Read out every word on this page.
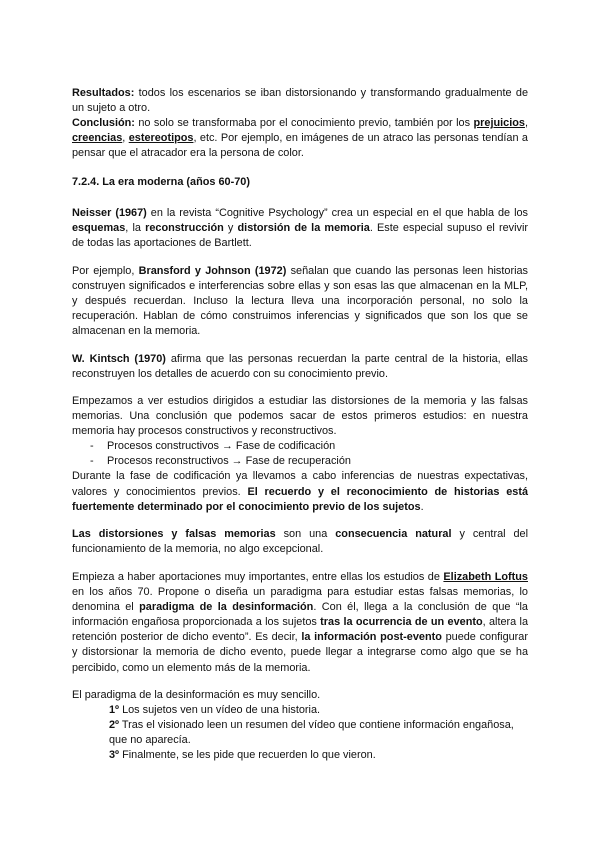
Resultados: todos los escenarios se iban distorsionando y transformando gradualmente de un sujeto a otro.

Conclusión: no solo se transformaba por el conocimiento previo, también por los prejuicios, creencias, estereotipos, etc. Por ejemplo, en imágenes de un atraco las personas tendían a pensar que el atracador era la persona de color.

7.2.4. La era moderna (años 60-70)

Neisser (1967) en la revista “Cognitive Psychology” crea un especial en el que habla de los esquemas, la reconstrucción y distorsión de la memoria. Este especial supuso el revivir de todas las aportaciones de Bartlett.

Por ejemplo, Bransford y Johnson (1972) señalan que cuando las personas leen historias construyen significados e interferencias sobre ellas y son esas las que almacenan en la MLP, y después recuerdan. Incluso la lectura lleva una incorporación personal, no solo la recuperación. Hablan de cómo construimos inferencias y significados que son los que se almacenan en la memoria.

W. Kintsch (1970) afirma que las personas recuerdan la parte central de la historia, ellas reconstruyen los detalles de acuerdo con su conocimiento previo.

Empezamos a ver estudios dirigidos a estudiar las distorsiones de la memoria y las falsas memorias. Una conclusión que podemos sacar de estos primeros estudios: en nuestra memoria hay procesos constructivos y reconstructivos.

- Procesos constructivos → Fase de codificación
- Procesos reconstructivos → Fase de recuperación

Durante la fase de codificación ya llevamos a cabo inferencias de nuestras expectativas, valores y conocimientos previos. El recuerdo y el reconocimiento de historias está fuertemente determinado por el conocimiento previo de los sujetos.

Las distorsiones y falsas memorias son una consecuencia natural y central del funcionamiento de la memoria, no algo excepcional.

Empieza a haber aportaciones muy importantes, entre ellas los estudios de Elizabeth Loftus en los años 70. Propone o diseña un paradigma para estudiar estas falsas memorias, lo denomina el paradigma de la desinformación. Con él, llega a la conclusión de que “la información engañosa proporcionada a los sujetos tras la ocurrencia de un evento, altera la retención posterior de dicho evento”. Es decir, la información post-evento puede configurar y distorsionar la memoria de dicho evento, puede llegar a integrarse como algo que se ha percibido, como un elemento más de la memoria.

El paradigma de la desinformación es muy sencillo.

1º Los sujetos ven un vídeo de una historia.
2º Tras el visionado leen un resumen del vídeo que contiene información engañosa,
que no aparecía.
3º Finalmente, se les pide que recuerden lo que vieron.
